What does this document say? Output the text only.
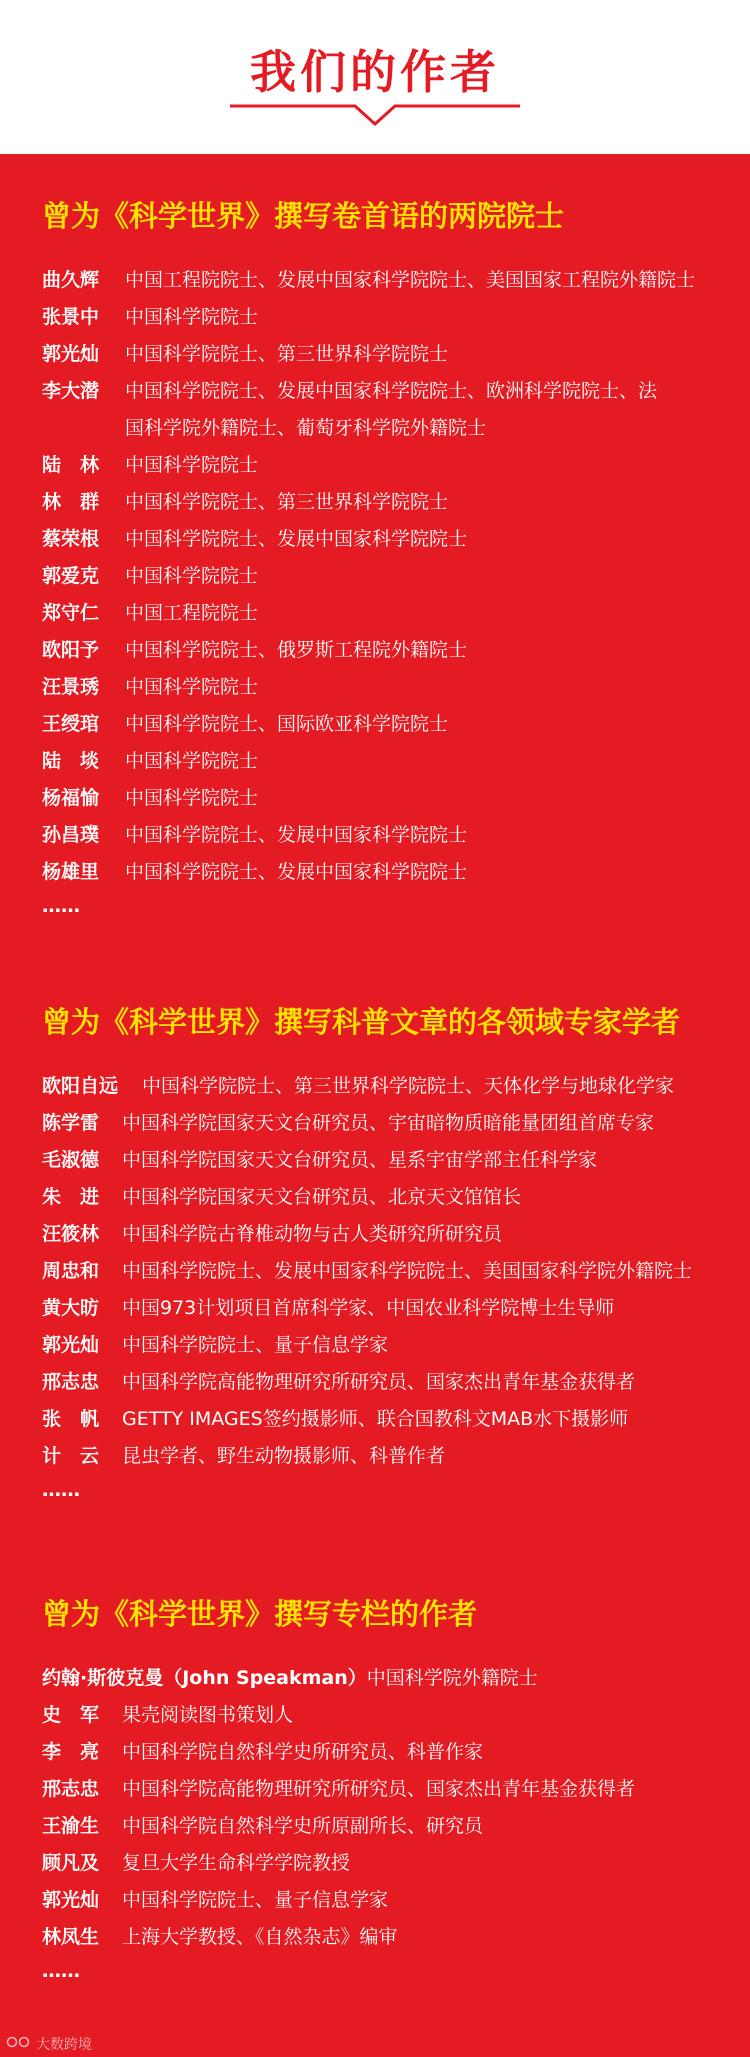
我们的作者
曾为《科学世界》撰写卷首语的两院院士
曲久辉	中国工程院院士、发展中国家科学院院士、美国国家工程院外籍院士
张景中	中国科学院院士
郭光灿	中国科学院院士、第三世界科学院院士
李大潜	中国科学院院士、发展中国家科学院院士、欧洲科学院院士、法国科学院外籍院士、葡萄牙科学院外籍院士
陆　林	中国科学院院士
林　群	中国科学院院士、第三世界科学院院士
蔡荣根	中国科学院院士、发展中国家科学院院士
郭爱克	中国科学院院士
郑守仁	中国工程院院士
欧阳予	中国科学院院士、俄罗斯工程院外籍院士
汪景琇	中国科学院院士
王绶琯	中国科学院院士、国际欧亚科学院院士
陆　埮	中国科学院院士
杨福愉	中国科学院院士
孙昌璞	中国科学院院士、发展中国家科学院院士
杨雄里	中国科学院院士、发展中国家科学院院士
……
曾为《科学世界》撰写科普文章的各领域专家学者
欧阳自远	中国科学院院士、第三世界科学院院士、天体化学与地球化学家
陈学雷	中国科学院国家天文台研究员、宇宙暗物质暗能量团组首席专家
毛淑德	中国科学院国家天文台研究员、星系宇宙学部主任科学家
朱　进	中国科学院国家天文台研究员、北京天文馆馆长
汪筱林	中国科学院古脊椎动物与古人类研究所研究员
周忠和	中国科学院院士、发展中国家科学院院士、美国国家科学院外籍院士
黄大昉	中国973计划项目首席科学家、中国农业科学院博士生导师
郭光灿	中国科学院院士、量子信息学家
邢志忠	中国科学院高能物理研究所研究员、国家杰出青年基金获得者
张　帆	GETTY IMAGES签约摄影师、联合国教科文MAB水下摄影师
计　云	昆虫学者、野生动物摄影师、科普作者
……
曾为《科学世界》撰写专栏的作者
约翰·斯彼克曼（John Speakman） 中国科学院外籍院士
史　军	果壳阅读图书策划人
李　亮	中国科学院自然科学史所研究员、科普作家
邢志忠	中国科学院高能物理研究所研究员、国家杰出青年基金获得者
王渝生	中国科学院自然科学史所原副所长、研究员
顾凡及	复旦大学生命科学学院教授
郭光灿	中国科学院院士、量子信息学家
林凤生	上海大学教授、《自然杂志》编审
……
大数跨境
